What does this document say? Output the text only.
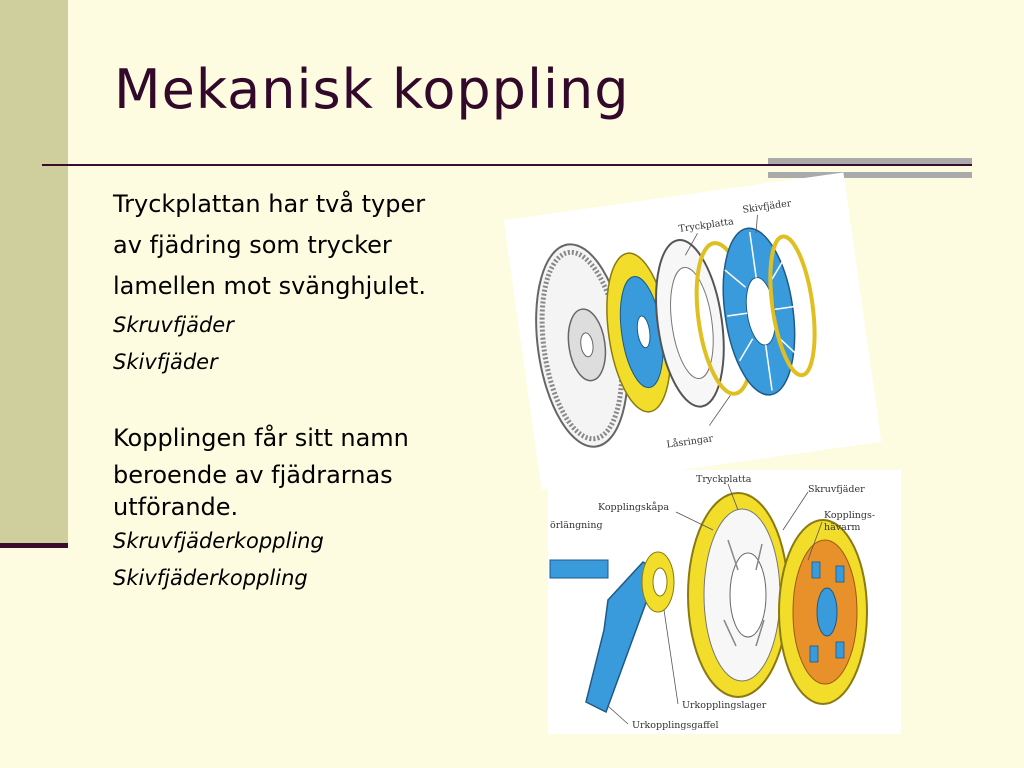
Mekanisk koppling

Tryckplattan har två typer

av fjädring som trycker

lamellen mot svänghjulet.

Skruvfjäder

Skivfjäder

Kopplingen får sitt namn

beroende av fjädrarnas

utförande.

Skruvfjäderkoppling

Skivfjäderkoppling

Tryckplatta
Skivfjäder
Låsringar
Tryckplatta
Kopplingskåpa
Skruvfjäder
Kopplings-
hävarm
örlängning
Urkopplingslager
Urkopplingsgaffel
